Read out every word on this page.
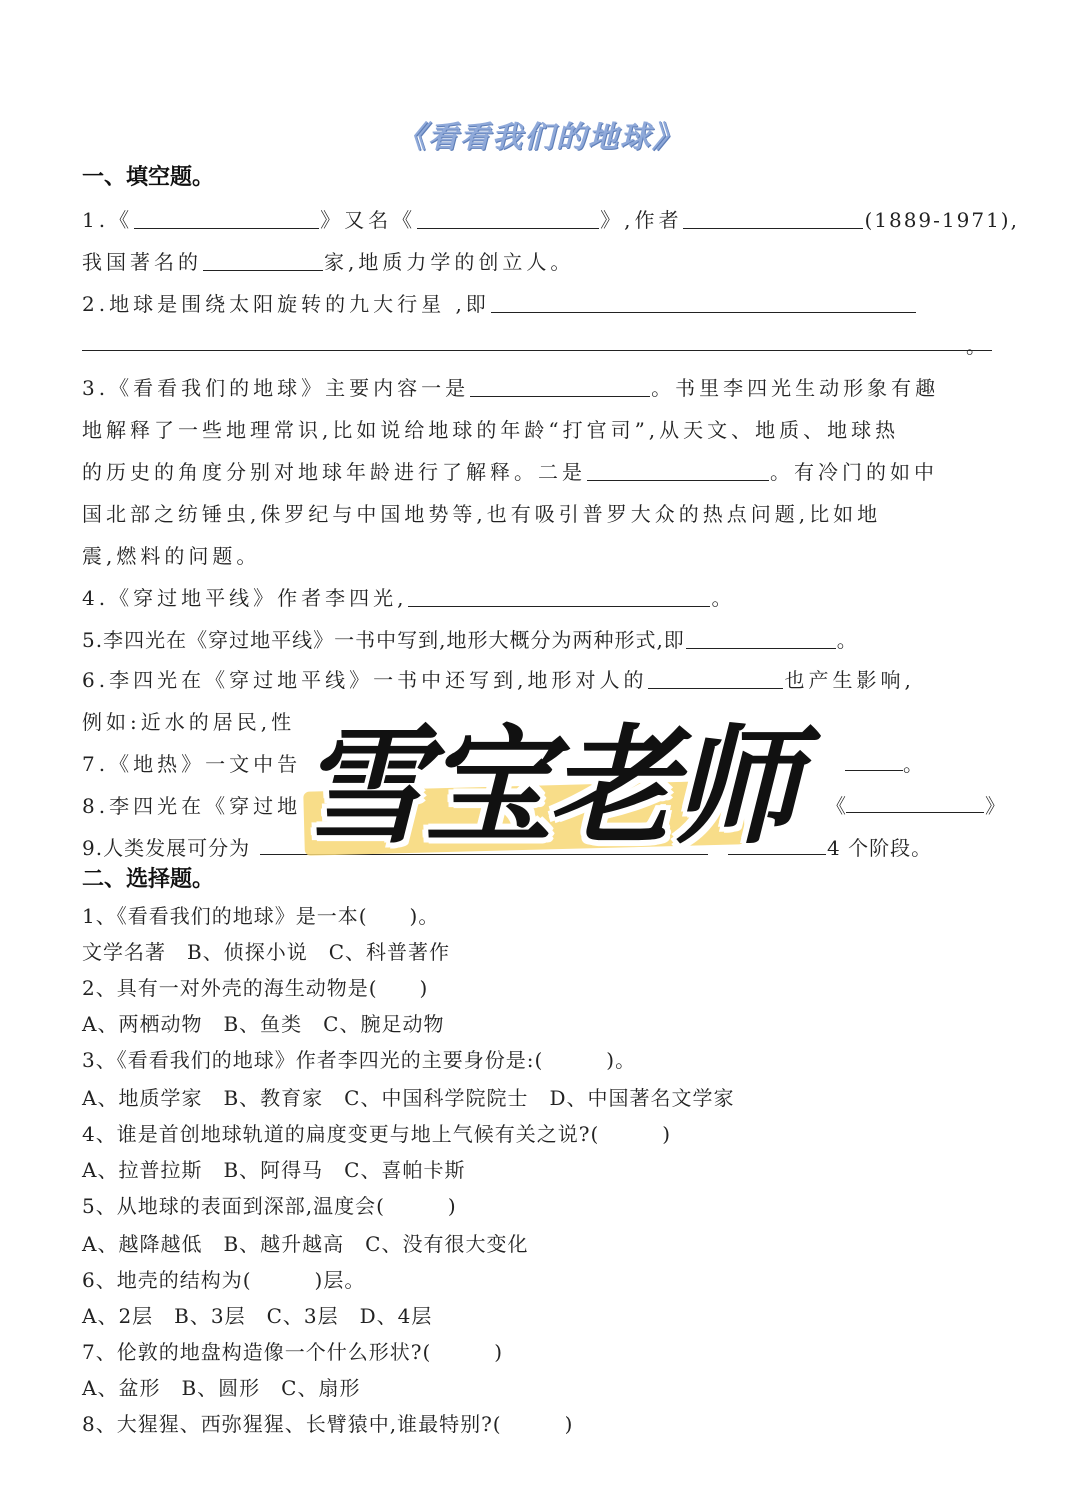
《看看我们的地球》
一、填空题。
1.《	》又名《	》,作者	(1889-1971),
我国著名的	家,地质力学的创立人。
2.地球是围绕太阳旋转的九大行星 ,即
。
3.《看看我们的地球》主要内容一是	。书里李四光生动形象有趣
地解释了一些地理常识,比如说给地球的年龄“打官司”,从天文、地质、地球热
的历史的角度分别对地球年龄进行了解释。二是	。有冷门的如中
国北部之纺锤虫,侏罗纪与中国地势等,也有吸引普罗大众的热点问题,比如地
震,燃料的问题。
4.《穿过地平线》作者李四光,	。
5.李四光在《穿过地平线》一书中写到,地形大概分为两种形式,即	。
6.李四光在《穿过地平线》一书中还写到,地形对人的	也产生影响,
例如:近水的居民,性
7.《地热》一文中告	。
8.李四光在《穿过地	《	》
9.人类发展可分为	4 个阶段。
雪宝老师
二、选择题。
1、《看看我们的地球》是一本(　　)。
文学名著　B、侦探小说　C、科普著作
2、具有一对外壳的海生动物是(　　)
A、两栖动物　B、鱼类　C、腕足动物
3、《看看我们的地球》作者李四光的主要身份是:(　　　)。
A、地质学家　B、教育家　C、中国科学院院士　D、中国著名文学家
4、谁是首创地球轨道的扁度变更与地上气候有关之说?(　　　)
A、拉普拉斯　B、阿得马　C、喜帕卡斯
5、从地球的表面到深部,温度会(　　　)
A、越降越低　B、越升越高　C、没有很大变化
6、地壳的结构为(　　　)层。
A、2层　B、3层　C、3层　D、4层
7、伦敦的地盘构造像一个什么形状?(　　　)
A、盆形　B、圆形　C、扇形
8、大猩猩、西弥猩猩、长臂猿中,谁最特别?(　　　)
